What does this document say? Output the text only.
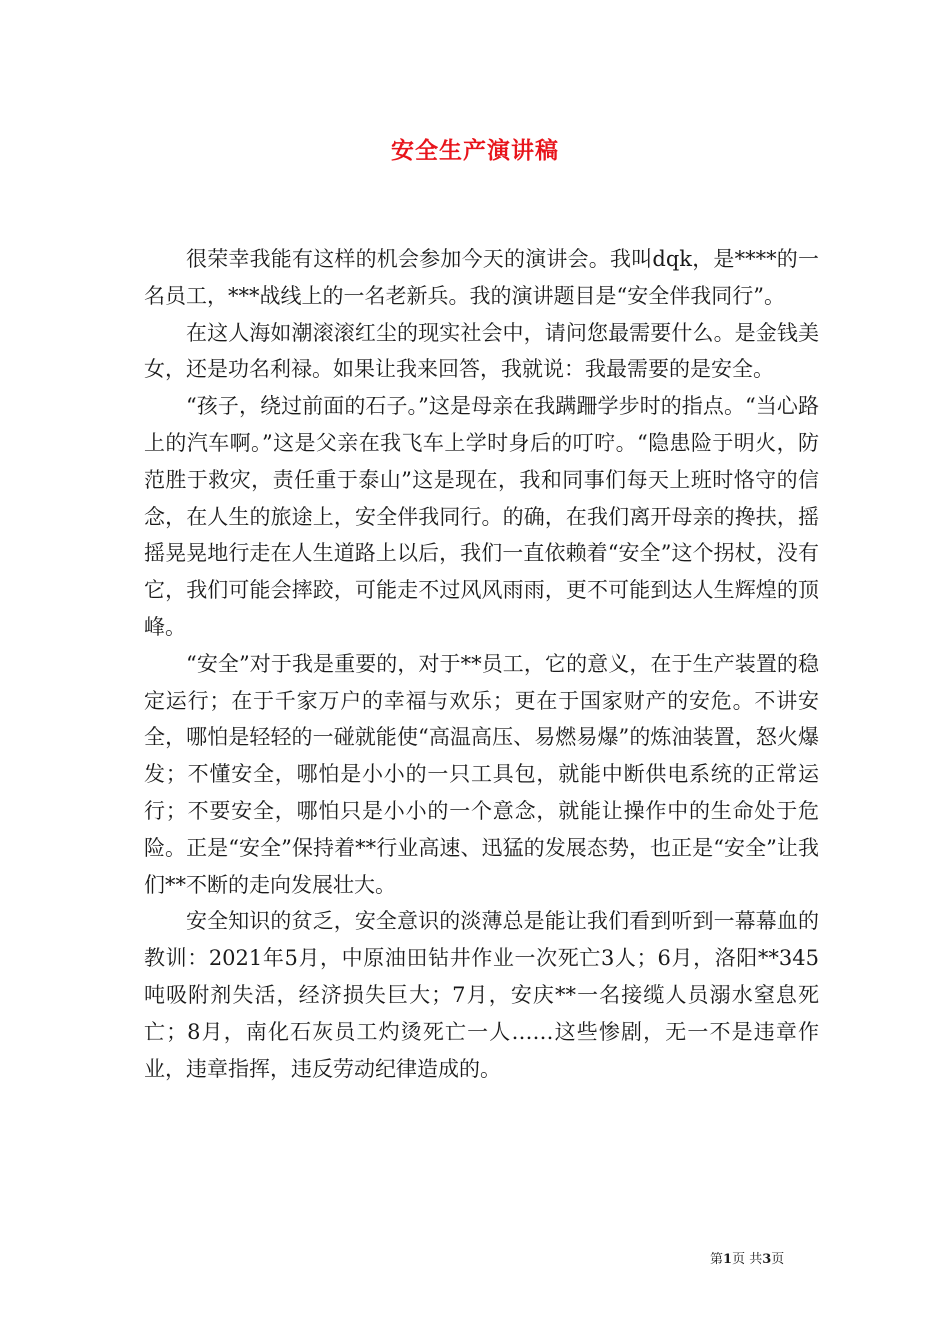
安全生产演讲稿

很荣幸我能有这样的机会参加今天的演讲会。我叫dqk，是****的一名员工，***战线上的一名老新兵。我的演讲题目是“安全伴我同行”。

在这人海如潮滚滚红尘的现实社会中，请问您最需要什么。是金钱美女，还是功名利禄。如果让我来回答，我就说：我最需要的是安全。

“孩子，绕过前面的石子。”这是母亲在我蹒跚学步时的指点。“当心路上的汽车啊。”这是父亲在我飞车上学时身后的叮咛。“隐患险于明火，防范胜于救灾，责任重于泰山”这是现在，我和同事们每天上班时恪守的信念，在人生的旅途上，安全伴我同行。的确，在我们离开母亲的搀扶，摇摇晃晃地行走在人生道路上以后，我们一直依赖着“安全”这个拐杖，没有它，我们可能会摔跤，可能走不过风风雨雨，更不可能到达人生辉煌的顶峰。

“安全”对于我是重要的，对于**员工，它的意义，在于生产装置的稳定运行；在于千家万户的幸福与欢乐；更在于国家财产的安危。不讲安全，哪怕是轻轻的一碰就能使“高温高压、易燃易爆”的炼油装置，怒火爆发；不懂安全，哪怕是小小的一只工具包，就能中断供电系统的正常运行；不要安全，哪怕只是小小的一个意念，就能让操作中的生命处于危险。正是“安全”保持着**行业高速、迅猛的发展态势，也正是“安全”让我们**不断的走向发展壮大。

安全知识的贫乏，安全意识的淡薄总是能让我们看到听到一幕幕血的教训：2021年5月，中原油田钻井作业一次死亡3人；6月，洛阳**345吨吸附剂失活，经济损失巨大；7月，安庆**一名接缆人员溺水窒息死亡；8月，南化石灰员工灼烫死亡一人……这些惨剧，无一不是违章作业，违章指挥，违反劳动纪律造成的。

第1页 共3页
